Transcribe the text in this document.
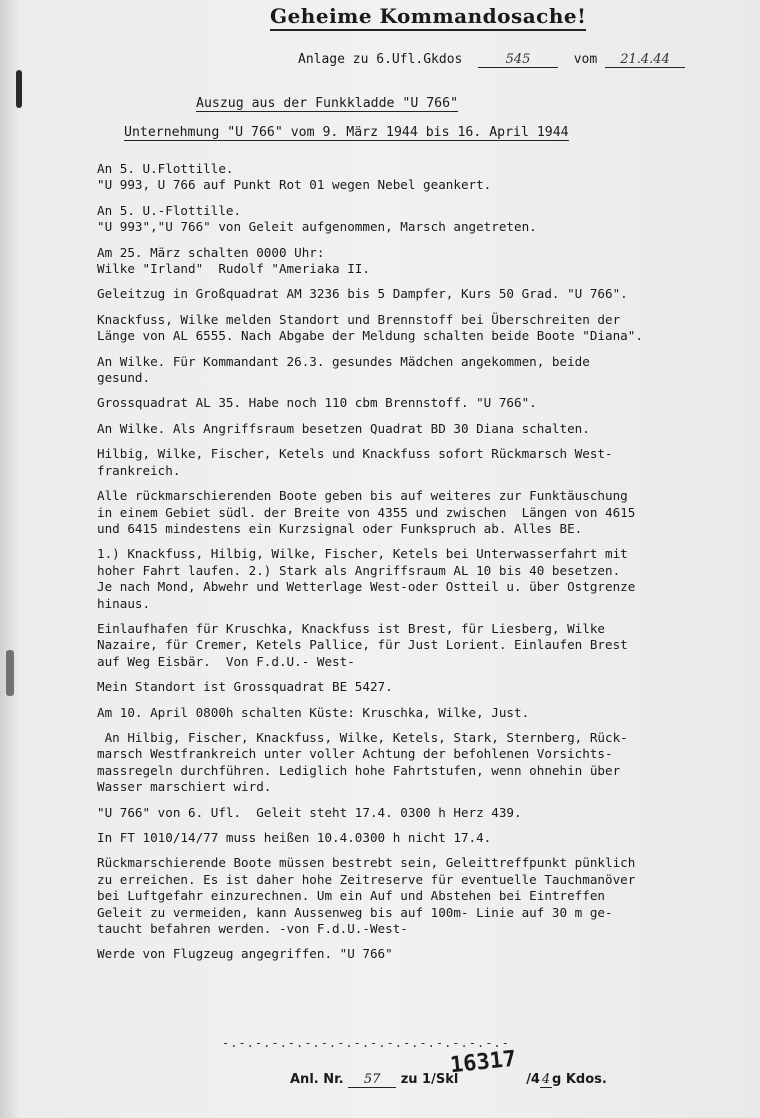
Geheime Kommandosache!
Anlage zu 6.Ufl.Gkdos	545	vom 21.4.44
Auszug aus der Funkkladde "U 766"
Unternehmung "U 766" vom 9. März 1944 bis 16. April 1944
An 5. U.Flottille.
"U 993, U 766 auf Punkt Rot 01 wegen Nebel geankert.
An 5. U.-Flottille.
"U 993","U 766" von Geleit aufgenommen, Marsch angetreten.
Am 25. März schalten 0000 Uhr:
Wilke "Irland"  Rudolf "Ameriaka II.
Geleitzug in Großquadrat AM 3236 bis 5 Dampfer, Kurs 50 Grad. "U 766".
Knackfuss, Wilke melden Standort und Brennstoff bei Überschreiten der
Länge von AL 6555. Nach Abgabe der Meldung schalten beide Boote "Diana".
An Wilke. Für Kommandant 26.3. gesundes Mädchen angekommen, beide
gesund.
Grossquadrat AL 35. Habe noch 110 cbm Brennstoff. "U 766".
An Wilke. Als Angriffsraum besetzen Quadrat BD 30 Diana schalten.
Hilbig, Wilke, Fischer, Ketels und Knackfuss sofort Rückmarsch West-
frankreich.
Alle rückmarschierenden Boote geben bis auf weiteres zur Funktäuschung
in einem Gebiet südl. der Breite von 4355 und zwischen  Längen von 4615
und 6415 mindestens ein Kurzsignal oder Funkspruch ab. Alles BE.
1.) Knackfuss, Hilbig, Wilke, Fischer, Ketels bei Unterwasserfahrt mit
hoher Fahrt laufen. 2.) Stark als Angriffsraum AL 10 bis 40 besetzen.
Je nach Mond, Abwehr und Wetterlage West-oder Ostteil u. über Ostgrenze
hinaus.
Einlaufhafen für Kruschka, Knackfuss ist Brest, für Liesberg, Wilke
Nazaire, für Cremer, Ketels Pallice, für Just Lorient. Einlaufen Brest
auf Weg Eisbär.  Von F.d.U.- West-
Mein Standort ist Grossquadrat BE 5427.
Am 10. April 0800h schalten Küste: Kruschka, Wilke, Just.
An Hilbig, Fischer, Knackfuss, Wilke, Ketels, Stark, Sternberg, Rück-
marsch Westfrankreich unter voller Achtung der befohlenen Vorsichts-
massregeln durchführen. Lediglich hohe Fahrtstufen, wenn ohnehin über
Wasser marschiert wird.
"U 766" von 6. Ufl.  Geleit steht 17.4. 0300 h Herz 439.
In FT 1010/14/77 muss heißen 10.4.0300 h nicht 17.4.
Rückmarschierende Boote müssen bestrebt sein, Geleittreffpunkt pünklich
zu erreichen. Es ist daher hohe Zeitreserve für eventuelle Tauchmanöver
bei Luftgefahr einzurechnen. Um ein Auf und Abstehen bei Eintreffen
Geleit zu vermeiden, kann Aussenweg bis auf 100m- Linie auf 30 m ge-
taucht befahren werden. -von F.d.U.-West-
Werde von Flugzeug angegriffen. "U 766"
-.-.-.-.-.-.-.-.-.-.-.-.-.-.-.-.-.-
Anl. Nr. 57 zu 1/Skl	/4 4 g Kdos.
16317
